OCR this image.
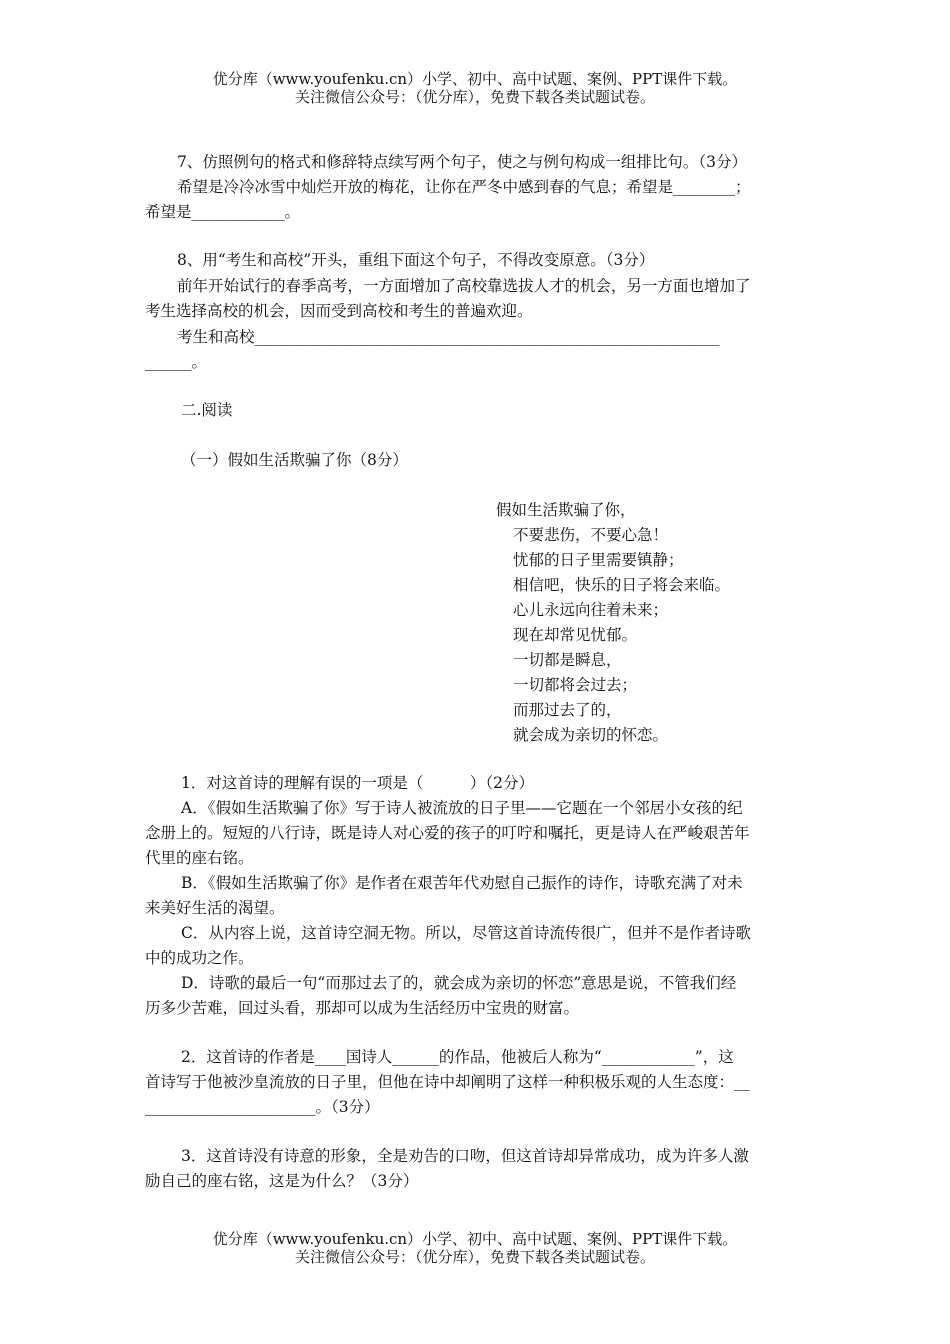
优分库（www.youfenku.cn）小学、初中、高中试题、案例、PPT课件下载。
关注微信公众号：（优分库），免费下载各类试题试卷。
7、仿照例句的格式和修辞特点续写两个句子，使之与例句构成一组排比句。（3分）
希望是冷冷冰雪中灿烂开放的梅花，让你在严冬中感到春的气息；希望是________；
希望是____________。
8、用“考生和高校”开头，重组下面这个句子，不得改变原意。（3分）
前年开始试行的春季高考，一方面增加了高校靠选拔人才的机会，另一方面也增加了
考生选择高校的机会，因而受到高校和考生的普遍欢迎。
考生和高校____________________________________________________________
______。
二.阅读
（一）假如生活欺骗了你（8分）
假如生活欺骗了你，
不要悲伤，不要心急！
忧郁的日子里需要镇静；
相信吧，快乐的日子将会来临。
心儿永远向往着未来；
现在却常见忧郁。
一切都是瞬息，
一切都将会过去；
而那过去了的，
就会成为亲切的怀恋。
1．对这首诗的理解有误的一项是（　　　）（2分）
A．《假如生活欺骗了你》写于诗人被流放的日子里——它题在一个邻居小女孩的纪
念册上的。短短的八行诗，既是诗人对心爱的孩子的叮咛和嘱托，更是诗人在严峻艰苦年
代里的座右铭。
B．《假如生活欺骗了你》是作者在艰苦年代劝慰自己振作的诗作，诗歌充满了对未
来美好生活的渴望。
C．从内容上说，这首诗空洞无物。所以，尽管这首诗流传很广，但并不是作者诗歌
中的成功之作。
D．诗歌的最后一句“而那过去了的，就会成为亲切的怀恋”意思是说，不管我们经
历多少苦难，回过头看，那却可以成为生活经历中宝贵的财富。
2．这首诗的作者是____国诗人______的作品，他被后人称为“____________”，这
首诗写于他被沙皇流放的日子里，但他在诗中却阐明了这样一种积极乐观的人生态度：__
______________________。（3分）
3．这首诗没有诗意的形象，全是劝告的口吻，但这首诗却异常成功，成为许多人激
励自己的座右铭，这是为什么？（3分）
优分库（www.youfenku.cn）小学、初中、高中试题、案例、PPT课件下载。
关注微信公众号：（优分库），免费下载各类试题试卷。
